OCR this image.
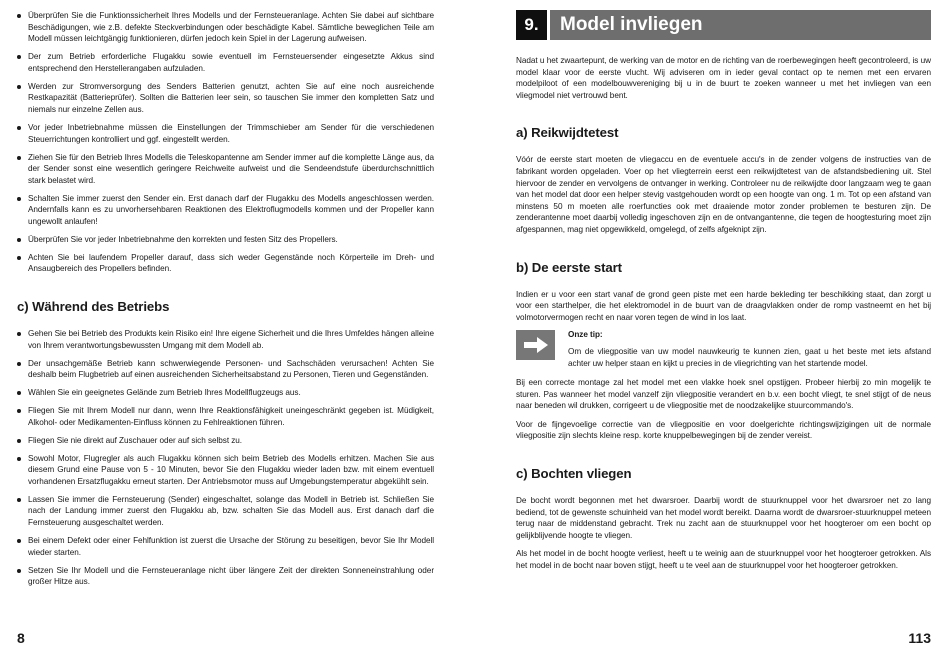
Überprüfen Sie die Funktionssicherheit Ihres Modells und der Fernsteueranlage. Achten Sie dabei auf sichtbare Beschädigungen, wie z.B. defekte Steckverbindungen oder beschädigte Kabel. Sämtliche beweglichen Teile am Modell müssen leichtgängig funktionieren, dürfen jedoch kein Spiel in der Lagerung aufweisen.
Der zum Betrieb erforderliche Flugakku sowie eventuell im Fernsteuersender eingesetzte Akkus sind entsprechend den Herstellerangaben aufzuladen.
Werden zur Stromversorgung des Senders Batterien genutzt, achten Sie auf eine noch ausreichende Restkapazität (Batterieprüfer). Sollten die Batterien leer sein, so tauschen Sie immer den kompletten Satz und niemals nur einzelne Zellen aus.
Vor jeder Inbetriebnahme müssen die Einstellungen der Trimmschieber am Sender für die verschiedenen Steuerrichtungen kontrolliert und ggf. eingestellt werden.
Ziehen Sie für den Betrieb Ihres Modells die Teleskopantenne am Sender immer auf die komplette Länge aus, da der Sender sonst eine wesentlich geringere Reichweite aufweist und die Sendeendstufe überdurchschnittlich stark belastet wird.
Schalten Sie immer zuerst den Sender ein. Erst danach darf der Flugakku des Modells angeschlossen werden. Andernfalls kann es zu unvorhersehbaren Reaktionen des Elektroflugmodells kommen und der Propeller kann ungewollt anlaufen!
Überprüfen Sie vor jeder Inbetriebnahme den korrekten und festen Sitz des Propellers.
Achten Sie bei laufendem Propeller darauf, dass sich weder Gegenstände noch Körperteile im Dreh- und Ansaugbereich des Propellers befinden.
c) Während des Betriebs
Gehen Sie bei Betrieb des Produkts kein Risiko ein! Ihre eigene Sicherheit und die Ihres Umfeldes hängen alleine von Ihrem verantwortungsbewussten Umgang mit dem Modell ab.
Der unsachgemäße Betrieb kann schwerwiegende Personen- und Sachschäden verursachen! Achten Sie deshalb beim Flugbetrieb auf einen ausreichenden Sicherheitsabstand zu Personen, Tieren und Gegenständen.
Wählen Sie ein geeignetes Gelände zum Betrieb Ihres Modellflugzeugs aus.
Fliegen Sie mit Ihrem Modell nur dann, wenn Ihre Reaktionsfähigkeit uneingeschränkt gegeben ist. Müdigkeit, Alkohol- oder Medikamenten-Einfluss können zu Fehlreaktionen führen.
Fliegen Sie nie direkt auf Zuschauer oder auf sich selbst zu.
Sowohl Motor, Flugregler als auch Flugakku können sich beim Betrieb des Modells erhitzen. Machen Sie aus diesem Grund eine Pause von 5 - 10 Minuten, bevor Sie den Flugakku wieder laden bzw. mit einem eventuell vorhandenen Ersatzflugakku erneut starten. Der Antriebsmotor muss auf Umgebungstemperatur abgekühlt sein.
Lassen Sie immer die Fernsteuerung (Sender) eingeschaltet, solange das Modell in Betrieb ist. Schließen Sie nach der Landung immer zuerst den Flugakku ab, bzw. schalten Sie das Modell aus. Erst danach darf die Fernsteuerung ausgeschaltet werden.
Bei einem Defekt oder einer Fehlfunktion ist zuerst die Ursache der Störung zu beseitigen, bevor Sie Ihr Modell wieder starten.
Setzen Sie Ihr Modell und die Fernsteueranlage nicht über längere Zeit der direkten Sonneneinstrahlung oder großer Hitze aus.
8
9.	Model invliegen

Nadat u het zwaartepunt, de werking van de motor en de richting van de roerbewegingen heeft gecontroleerd, is uw model klaar voor de eerste vlucht. Wij adviseren om in ieder geval contact op te nemen met een ervaren modelpiloot of een modelbouwvereniging bij u in de buurt te zoeken wanneer u met het invliegen van een vliegmodel niet vertrouwd bent.

a) Reikwijdtetest

Vóór de eerste start moeten de vliegaccu en de eventuele accu's in de zender volgens de instructies van de fabrikant worden opgeladen. Voer op het vliegterrein eerst een reikwijdtetest van de afstandsbediening uit. Stel hiervoor de zender en vervolgens de ontvanger in werking. Controleer nu de reikwijdte door langzaam weg te gaan van het model dat door een helper stevig vastgehouden wordt op een hoogte van ong. 1 m. Tot op een afstand van minstens 50 m moeten alle roerfuncties ook met draaiende motor zonder problemen te besturen zijn. De zenderantenne moet daarbij volledig ingeschoven zijn en de ontvangantenne, die tegen de hoogtesturing moet zijn afgespannen, mag niet opgewikkeld, omgelegd, of zelfs afgeknipt zijn.

b) De eerste start

Indien er u voor een start vanaf de grond geen piste met een harde bekleding ter beschikking staat, dan zorgt u voor een starthelper, die het elektromodel in de buurt van de draagvlakken onder de romp vastneemt en het bij volmotorvermogen recht en naar voren tegen de wind in los laat.

Onze tip:

Om de vliegpositie van uw model nauwkeurig te kunnen zien, gaat u het beste met iets afstand achter uw helper staan en kijkt u precies in de vliegrichting van het startende model.

Bij een correcte montage zal het model met een vlakke hoek snel opstijgen. Probeer hierbij zo min mogelijk te sturen. Pas wanneer het model vanzelf zijn vliegpositie verandert en b.v. een bocht vliegt, te snel stijgt of de neus naar beneden wil drukken, corrigeert u de vliegpositie met de noodzakelijke stuurcommando's.

Voor de fijngevoelige correctie van de vliegpositie en voor doelgerichte richtingswijzigingen uit de normale vliegpositie zijn slechts kleine resp. korte knuppelbewegingen bij de zender vereist.

c) Bochten vliegen

De bocht wordt begonnen met het dwarsroer. Daarbij wordt de stuurknuppel voor het dwarsroer net zo lang bediend, tot de gewenste schuinheid van het model wordt bereikt. Daarna wordt de dwarsroer-stuurknuppel meteen terug naar de middenstand gebracht. Trek nu zacht aan de stuurknuppel voor het hoogteroer om een bocht op gelijkblijvende hoogte te vliegen.

Als het model in de bocht hoogte verliest, heeft u te weinig aan de stuurknuppel voor het hoogteroer getrokken. Als het model in de bocht naar boven stijgt, heeft u te veel aan de stuurknuppel voor het hoogteroer getrokken.

113
